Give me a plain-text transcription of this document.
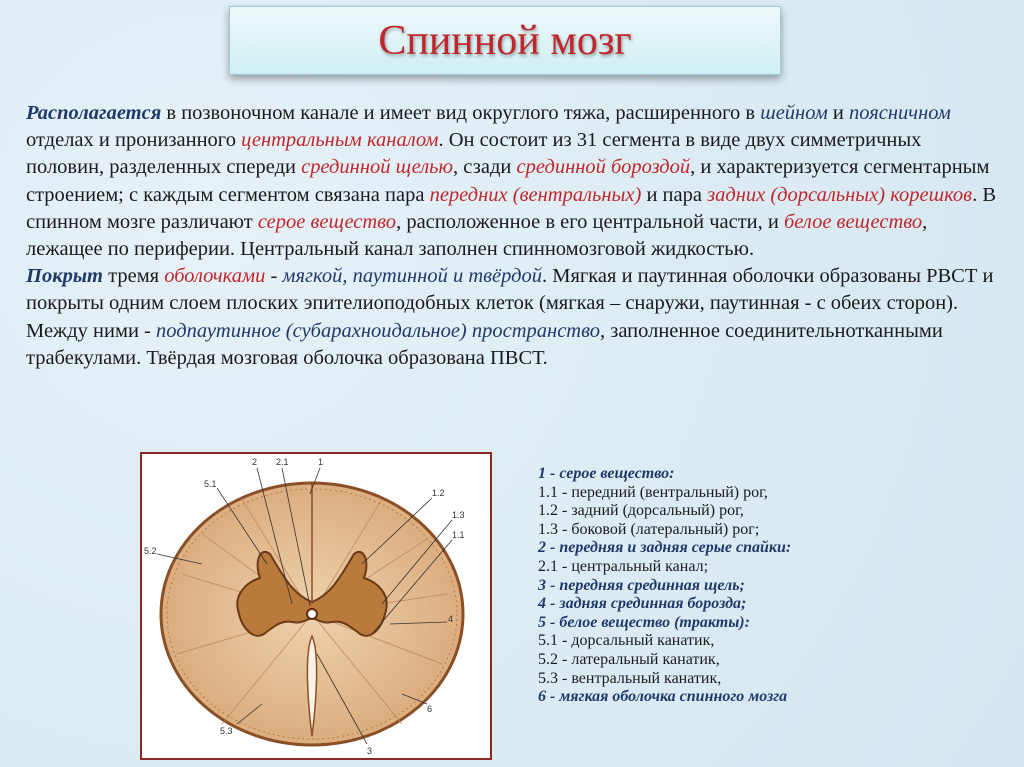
Спинной мозг

Располагается в позвоночном канале и имеет вид округлого тяжа, расширенного в шейном и поясничном отделах и пронизанного центральным каналом. Он состоит из 31 сегмента в виде двух симметричных половин, разделенных спереди срединной щелью, сзади срединной бороздой, и характеризуется сегментарным строением; с каждым сегментом связана пара передних (вентральных) и пара задних (дорсальных) корешков. В спинном мозге различают серое вещество, расположенное в его центральной части, и белое вещество, лежащее по периферии. Центральный канал заполнен спинномозговой жидкостью.

Покрыт тремя оболочками - мягкой, паутинной и твёрдой. Мягкая и паутинная оболочки образованы РВСТ и покрыты одним слоем плоских эпителиоподобных клеток (мягкая – снаружи, паутинная - с обеих сторон). Между ними - подпаутинное (субарахноидальное) пространство, заполненное соединительнотканными трабекулами. Твёрдая мозговая оболочка образована ПВСТ.

2 2.1	1
5.1
5.2
1.2
1.3
1.1
4
6
5.3
3
1 - серое вещество:
1.1 - передний (вентральный) рог,
1.2 - задний (дорсальный) рог,
1.3 - боковой (латеральный) рог;
2 - передняя и задняя серые спайки:
2.1 - центральный канал;
3 - передняя срединная щель;
4 - задняя срединная борозда;
5 - белое вещество (тракты):
5.1 - дорсальный канатик,
5.2 - латеральный канатик,
5.3 - вентральный канатик,
6 - мягкая оболочка спинного мозга
